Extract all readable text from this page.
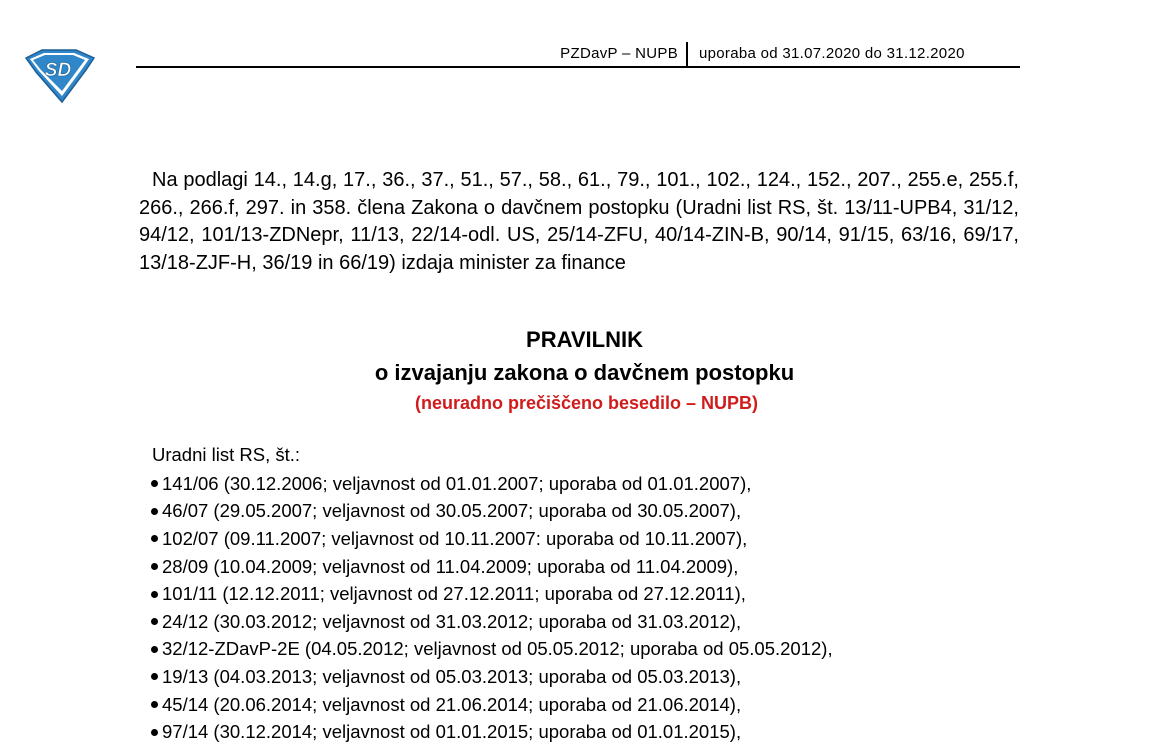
SD
PZDavP – NUPB uporaba od 31.07.2020 do 31.12.2020

Na podlagi 14., 14.g, 17., 36., 37., 51., 57., 58., 61., 79., 101., 102., 124., 152., 207., 255.e, 255.f, 266., 266.f, 297. in 358. člena Zakona o davčnem postopku (Uradni list RS, št. 13/11-UPB4, 31/12, 94/12, 101/13-ZDNepr, 11/13, 22/14-odl. US, 25/14-ZFU, 40/14-ZIN-B, 90/14, 91/15, 63/16, 69/17, 13/18-ZJF-H, 36/19 in 66/19) izdaja minister za finance

PRAVILNIK

o izvajanju zakona o davčnem postopku

(neuradno prečiščeno besedilo – NUPB)

Uradni list RS, št.:

141/06 (30.12.2006; veljavnost od 01.01.2007; uporaba od 01.01.2007),
46/07 (29.05.2007; veljavnost od 30.05.2007; uporaba od 30.05.2007),
102/07 (09.11.2007; veljavnost od 10.11.2007: uporaba od 10.11.2007),
28/09 (10.04.2009; veljavnost od 11.04.2009; uporaba od 11.04.2009),
101/11 (12.12.2011; veljavnost od 27.12.2011; uporaba od 27.12.2011),
24/12 (30.03.2012; veljavnost od 31.03.2012; uporaba od 31.03.2012),
32/12-ZDavP-2E (04.05.2012; veljavnost od 05.05.2012; uporaba od 05.05.2012),
19/13 (04.03.2013; veljavnost od 05.03.2013; uporaba od 05.03.2013),
45/14 (20.06.2014; veljavnost od 21.06.2014; uporaba od 21.06.2014),
97/14 (30.12.2014; veljavnost od 01.01.2015; uporaba od 01.01.2015),
